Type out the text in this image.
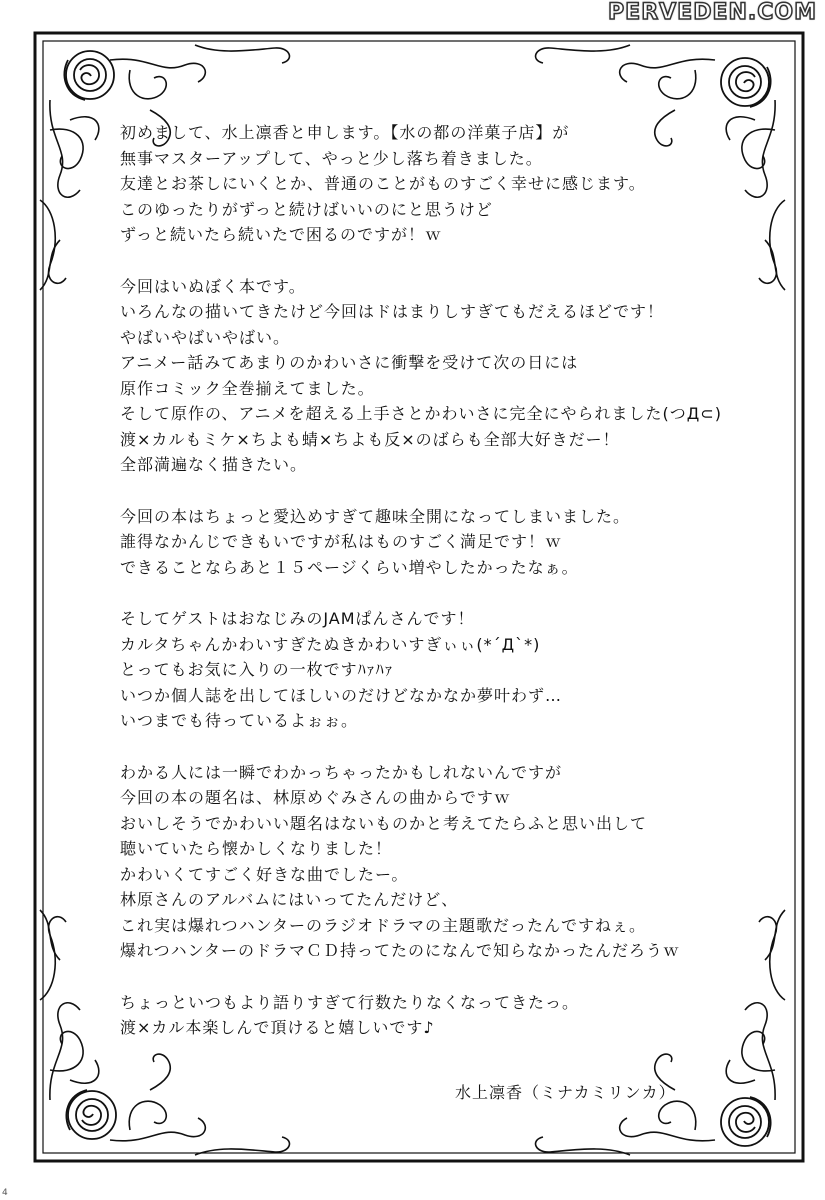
PERVEDEN.COM
初めまして、水上凛香と申します。【水の都の洋菓子店】が
無事マスターアップして、やっと少し落ち着きました。
友達とお茶しにいくとか、普通のことがものすごく幸せに感じます。
このゆったりがずっと続けばいいのにと思うけど
ずっと続いたら続いたで困るのですが！ｗ
今回はいぬぼく本です。
いろんなの描いてきたけど今回はドはまりしすぎてもだえるほどです！
やばいやばいやばい。
アニメー話みてあまりのかわいさに衝撃を受けて次の日には
原作コミック全巻揃えてました。
そして原作の、アニメを超える上手さとかわいさに完全にやられました(つД⊂)
渡×カルもミケ×ちよも蜻×ちよも反×のばらも全部大好きだー！
全部満遍なく描きたい。
今回の本はちょっと愛込めすぎて趣味全開になってしまいました。
誰得なかんじできもいですが私はものすごく満足です！ｗ
できることならあと１５ページくらい増やしたかったなぁ。
そしてゲストはおなじみのJAMぱんさんです！
カルタちゃんかわいすぎたぬきかわいすぎぃぃ(*´Д`*)
とってもお気に入りの一枚ですﾊｧﾊｧ
いつか個人誌を出してほしいのだけどなかなか夢叶わず…
いつまでも待っているよぉぉ。
わかる人には一瞬でわかっちゃったかもしれないんですが
今回の本の題名は、林原めぐみさんの曲からですｗ
おいしそうでかわいい題名はないものかと考えてたらふと思い出して
聴いていたら懐かしくなりました！
かわいくてすごく好きな曲でしたー。
林原さんのアルバムにはいってたんだけど、
これ実は爆れつハンターのラジオドラマの主題歌だったんですねぇ。
爆れつハンターのドラマＣＤ持ってたのになんで知らなかったんだろうｗ
ちょっといつもより語りすぎて行数たりなくなってきたっ。
渡×カル本楽しんで頂けると嬉しいです♪
水上凛香（ミナカミリンカ）
4
